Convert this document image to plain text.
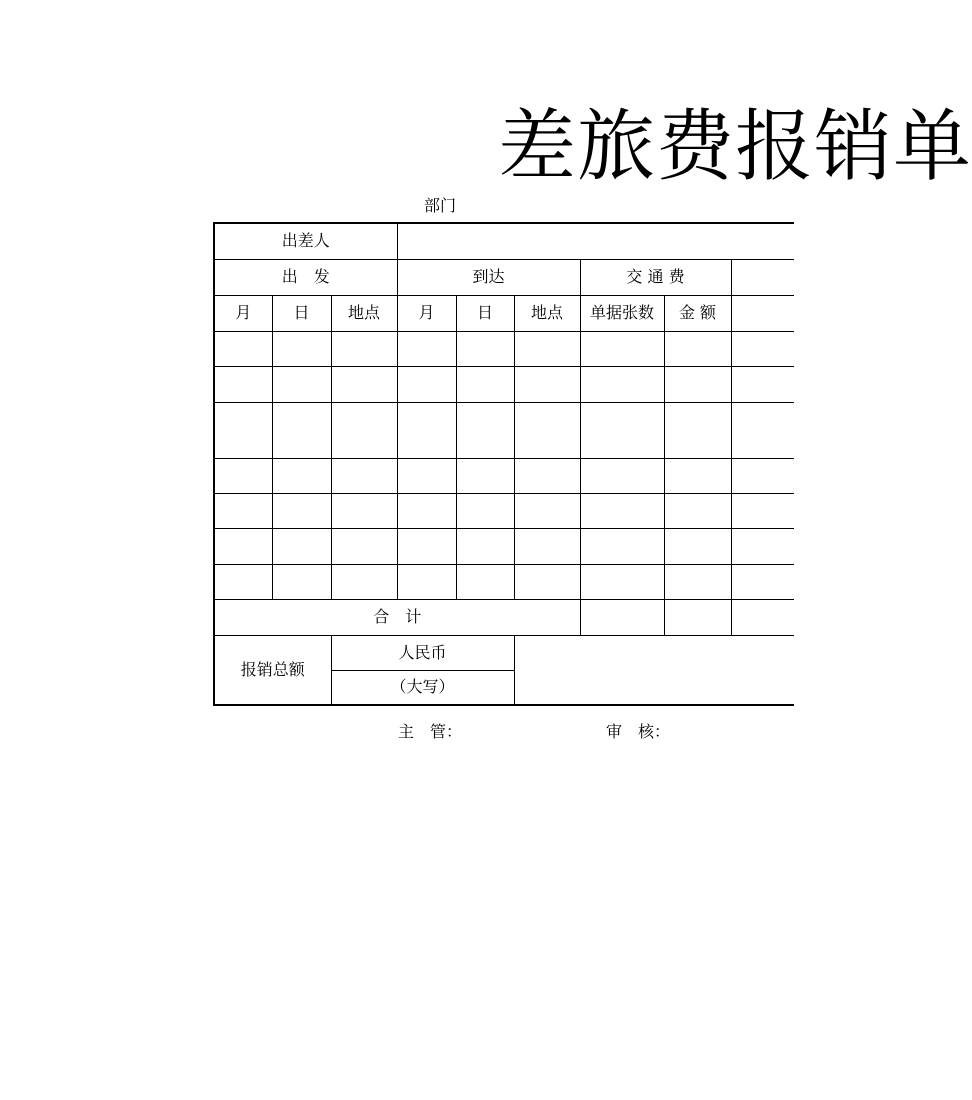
差旅费报销单
部门
出差人								
出　发			到达			交 通 费		
月	日	地点	月	日	地点	单据张数	金 额	

合　计								
报销总额		人民币						
		（大写）						
主　管：	审　核：
